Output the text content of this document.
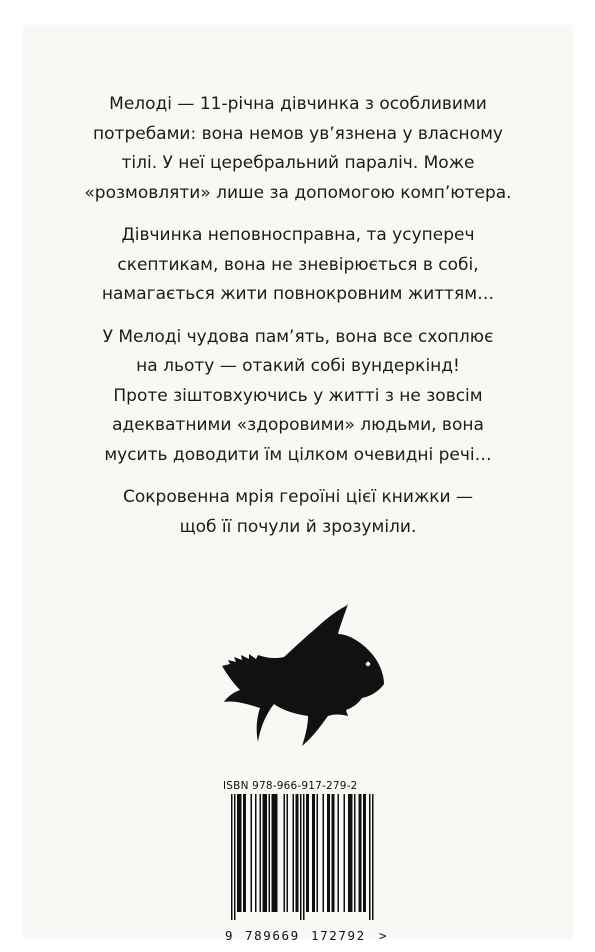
Мелоді — 11-річна дівчинка з особливими
потребами: вона немов ув’язнена у власному
тілі. У неї церебральний параліч. Може
«розмовляти» лише за допомогою комп’ютера.

Дівчинка неповносправна, та усупереч
скептикам, вона не зневірюється в собі,
намагається жити повнокровним життям…

У Мелоді чудова пам’ять, вона все схоплює
на льоту — отакий собі вундеркінд!
Проте зіштовхуючись у житті з не зовсім
адекватними «здоровими» людьми, вона
мусить доводити їм цілком очевидні речі…

Сокровенна мрія героїні цієї книжки —
щоб її почули й зрозуміли.

ISBN 978-966-917-279-2
9 789669 172792 >
